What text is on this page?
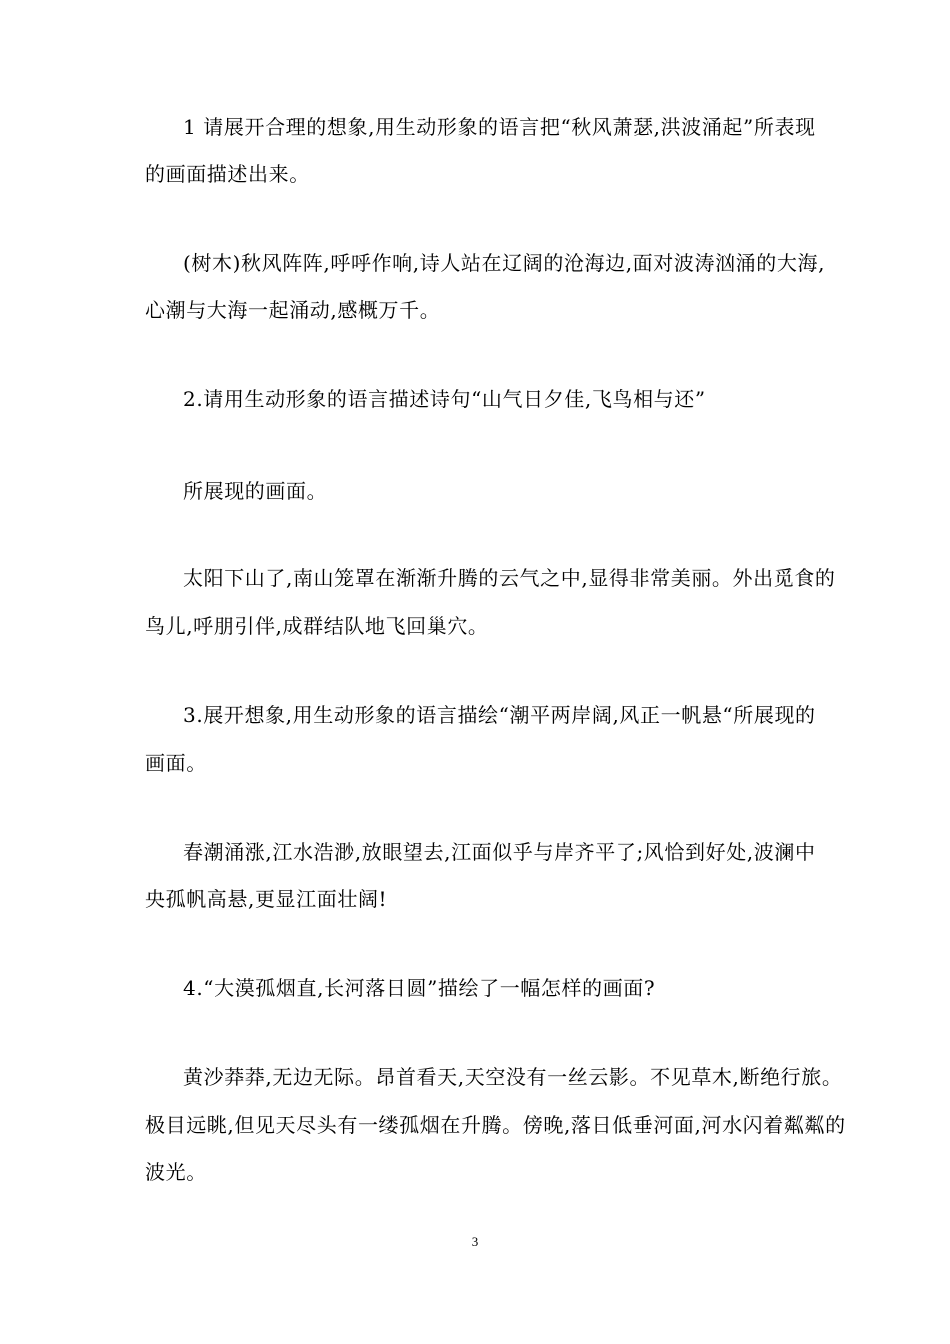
1 请展开合理的想象,用生动形象的语言把“秋风萧瑟,洪波涌起”所表现
的画面描述出来。
(树木)秋风阵阵,呼呼作响,诗人站在辽阔的沧海边,面对波涛汹涌的大海,
心潮与大海一起涌动,感概万千。
2.请用生动形象的语言描述诗句“山气日夕佳,飞鸟相与还”
所展现的画面。
太阳下山了,南山笼罩在渐渐升腾的云气之中,显得非常美丽。外出觅食的
鸟儿,呼朋引伴,成群结队地飞回巢穴。
3.展开想象,用生动形象的语言描绘“潮平两岸阔,风正一帆悬“所展现的
画面。
春潮涌涨,江水浩渺,放眼望去,江面似乎与岸齐平了;风恰到好处,波澜中
央孤帆高悬,更显江面壮阔!
4.“大漠孤烟直,长河落日圆”描绘了一幅怎样的画面?
黄沙莽莽,无边无际。昂首看天,天空没有一丝云影。不见草木,断绝行旅。
极目远眺,但见天尽头有一缕孤烟在升腾。傍晚,落日低垂河面,河水闪着粼粼的
波光。
3
